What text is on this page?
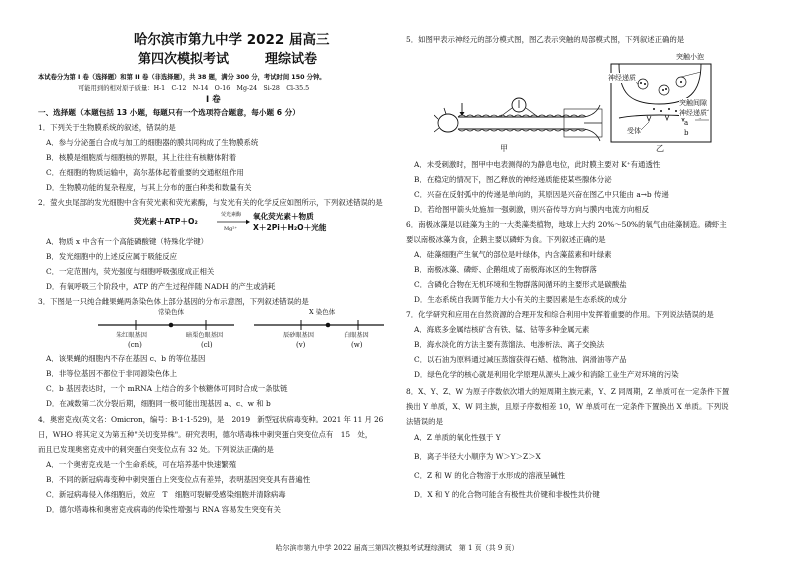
哈尔滨市第九中学 2022 届高三
第四次模拟考试	理综试卷
本试卷分为第 I 卷（选择题）和第 II 卷（非选择题），共 38 题，满分 300 分，考试时间 150 分钟。
可能用到的相对原子质量：H-1　C-12　N-14　O-16　Mg-24　Si-28　Cl-35.5
Ⅰ 卷
一、选择题（本题包括 13 小题，每题只有一个选项符合题意，每小题 6 分）
1．下列关于生物膜系统的叙述，错误的是
A．参与分泌蛋白合成与加工的细胞器的膜共同构成了生物膜系统
B．核膜是细胞质与细胞核的界限，其上往往有核糖体附着
C．在细胞的物质运输中，高尔基体起着重要的交通枢纽作用
D．生物膜功能的复杂程度，与其上分布的蛋白种类和数量有关
2．萤火虫尾部的发光细胞中含有荧光素和荧光素酶，与发光有关的化学反应如图所示，下列叙述错误的是
荧光素＋ATP＋O₂
荧光素酶
Mg²⁺
氧化荧光素＋物质
X＋2Pi＋H₂O＋光能
A．物质 x 中含有一个高能磷酸键（特殊化学键）
B．发光细胞中的上述反应属于吸能反应
C．一定范围内，荧光强度与细胞呼吸强度成正相关
D．有氧呼吸三个阶段中，ATP 的产生过程伴随 NADH 的产生或消耗
3．下图是一只纯合雌果蝇两条染色体上部分基因的分布示意图，下列叙述错误的是
常染色体	X 染色体
朱红眼基因
(cn)
暗栗色眼基因
(cl)
辰砂眼基因
(v)
白眼基因
(w)
A．该果蝇的细胞内不存在基因 c、b 的等位基因
B．非等位基因不都位于非同源染色体上
C．b 基因表达时，一个 mRNA 上结合的多个核糖体可同时合成一条肽链
D．在减数第二次分裂后期，细胞同一极可能出现基因 a、c、w 和 b
4．奥密克戎(英文名：Omicron，编号：B·1·1·529)，是　2019　新型冠状病毒变种。2021 年 11 月 26
日，WHO 将其定义为第五种"关切变异株"。研究表明，德尔塔毒株中刺突蛋白突变位点有　15　处，
而且已发现奥密克戎中的刺突蛋白突变位点有 32 处。下列说法正确的是
A．一个奥密克戎是一个生命系统，可在培养基中快速繁殖
B．不同的新冠病毒变种中刺突蛋白上突变位点有差异，表明基因突变具有普遍性
C．新冠病毒侵入体细胞后，效应　T　细胞可裂解受感染细胞并清除病毒
D．德尔塔毒株和奥密克戎病毒的传染性增强与 RNA 容易发生突变有关
5．如图甲表示神经元的部分模式图，图乙表示突触的局部模式图，下列叙述正确的是
甲
突触小泡
神经递质
突触间隙
神经递质
受体
a
b
乙
A．未受刺激时，图甲中电表测得的为静息电位，此时膜主要对 K⁺有通透性
B．在稳定的情况下，图乙释放的神经递质能使某些腺体分泌
C．兴奋在反射弧中的传递是单向的，其原因是兴奋在图乙中只能由 a→b 传递
D．若给图甲箭头处施加一强刺激，则兴奋传导方向与膜内电流方向相反
6．南极冰藻是以硅藻为主的一大类藻类植物，地球上大约 20%～50%的氧气由硅藻制造。磷虾主
要以南极冰藻为食，企鹅主要以磷虾为食。下列叙述正确的是
A．硅藻细胞产生氧气的部位是叶绿体，内含藻蓝素和叶绿素
B．南极冰藻、磷虾、企鹅组成了南极海冰区的生物群落
C．含磷化合物在无机环境和生物群落间循环的主要形式是碳酸盐
D．生态系统自我调节能力大小有关的主要因素是生态系统的成分
7．化学研究和应用在自然资源的合理开发和综合利用中发挥着重要的作用。下列说法错误的是
A．海底多金属结核矿含有铁、锰、钴等多种金属元素
B．海水淡化的方法主要有蒸馏法、电渗析法、离子交换法
C．以石油为原料通过减压蒸馏获得石蜡、植物油、润滑油等产品
D．绿色化学的核心就是利用化学原理从源头上减少和消除工业生产对环境的污染
8．X、Y、Z、W 为原子序数依次增大的短周期主族元素，Y、Z 同周期，Z 单质可在一定条件下置
换出 Y 单质，X、W 同主族，且原子序数相差 10，W 单质可在一定条件下置换出 X 单质。下列说
法错误的是
A．Z 单质的氧化性强于 Y
B．离子半径大小顺序为 W＞Y＞Z＞X
C．Z 和 W 的化合物溶于水形成的溶液呈碱性
D．X 和 Y 的化合物可能含有极性共价键和非极性共价键
哈尔滨市第九中学 2022 届高三第四次模拟考试理综测试　第 1 页（共 9 页）
